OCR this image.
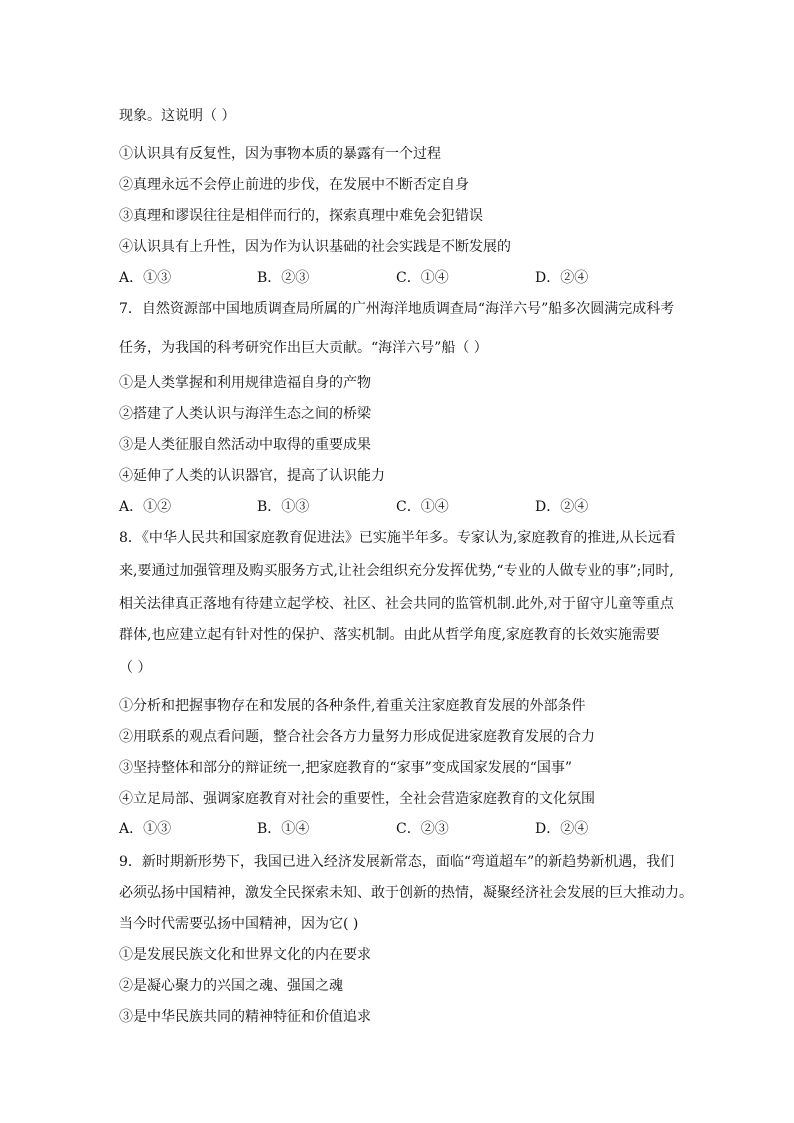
现象。这说明（ ）
①认识具有反复性，因为事物本质的暴露有一个过程
②真理永远不会停止前进的步伐，在发展中不断否定自身
③真理和谬误往往是相伴而行的，探索真理中难免会犯错误
④认识具有上升性，因为作为认识基础的社会实践是不断发展的
A．①③	B．②③	C．①④	D．②④
7．自然资源部中国地质调查局所属的广州海洋地质调查局“海洋六号”船多次圆满完成科考
任务，为我国的科考研究作出巨大贡献。“海洋六号”船（ ）
①是人类掌握和利用规律造福自身的产物
②搭建了人类认识与海洋生态之间的桥梁
③是人类征服自然活动中取得的重要成果
④延伸了人类的认识器官，提高了认识能力
A．①②	B．①③	C．①④	D．②④
8．《中华人民共和国家庭教育促进法》已实施半年多。专家认为,家庭教育的推进,从长远看
来,要通过加强管理及购买服务方式,让社会组织充分发挥优势,“专业的人做专业的事”;同时,
相关法律真正落地有待建立起学校、社区、社会共同的监管机制.此外,对于留守儿童等重点
群体,也应建立起有针对性的保护、落实机制。由此从哲学角度,家庭教育的长效实施需要
（ ）
①分析和把握事物存在和发展的各种条件,着重关注家庭教育发展的外部条件
②用联系的观点看问题，整合社会各方力量努力形成促进家庭教育发展的合力
③坚持整体和部分的辩证统一,把家庭教育的“家事”变成国家发展的“国事”
④立足局部、强调家庭教育对社会的重要性，全社会营造家庭教育的文化氛围
A．①③	B．①④	C．②③	D．②④
9．新时期新形势下，我国已进入经济发展新常态，面临“弯道超车”的新趋势新机遇，我们
必须弘扬中国精神，激发全民探索未知、敢于创新的热情，凝聚经济社会发展的巨大推动力。
当今时代需要弘扬中国精神，因为它( )
①是发展民族文化和世界文化的内在要求
②是凝心聚力的兴国之魂、强国之魂
③是中华民族共同的精神特征和价值追求
